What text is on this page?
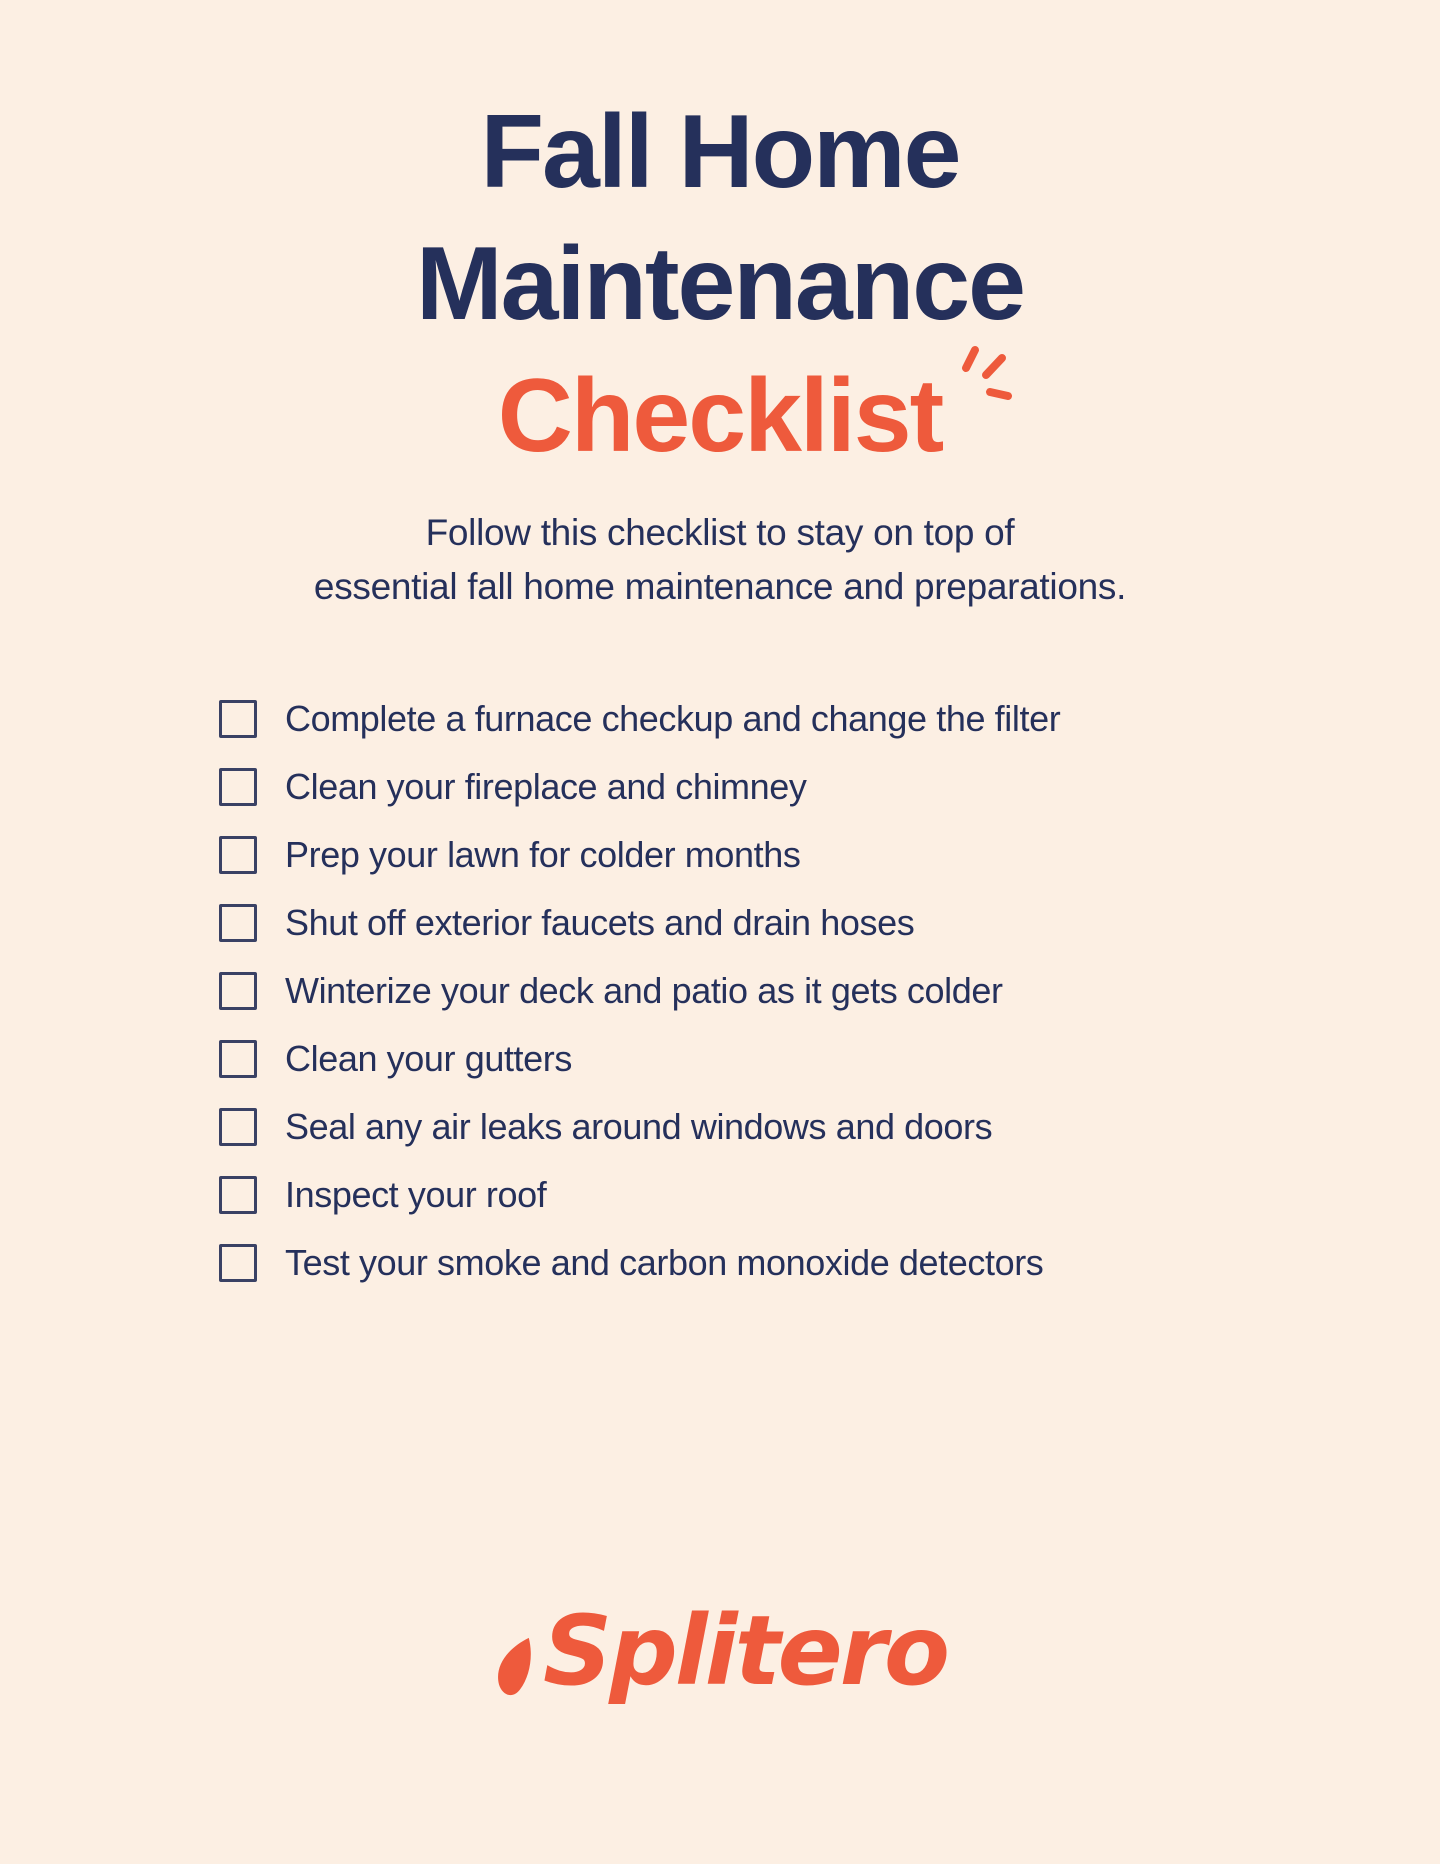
Fall Home
Maintenance
Checklist

Follow this checklist to stay on top of
essential fall home maintenance and preparations.

Complete a furnace checkup and change the filter
Clean your fireplace and chimney
Prep your lawn for colder months
Shut off exterior faucets and drain hoses
Winterize your deck and patio as it gets colder
Clean your gutters
Seal any air leaks around windows and doors
Inspect your roof
Test your smoke and carbon monoxide detectors
Splitero
